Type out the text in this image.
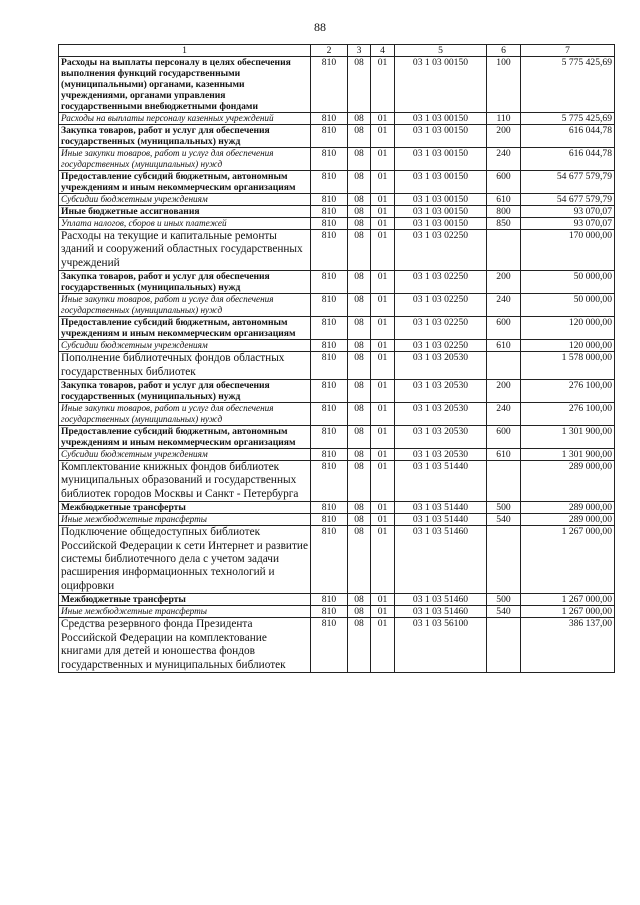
88
1	2	3	4	5	6	7
Расходы на выплаты персоналу в целях обеспечения выполнения функций государственными (муниципальными) органами, казенными учреждениями, органами управления государственными внебюджетными фондами	810	08	01	03 1 03 00150	100	5 775 425,69
Расходы на выплаты персоналу казенных учреждений	810	08	01	03 1 03 00150	110	5 775 425,69
Закупка товаров, работ и услуг для обеспечения государственных (муниципальных) нужд	810	08	01	03 1 03 00150	200	616 044,78
Иные закупки товаров, работ и услуг для обеспечения государственных (муниципальных) нужд	810	08	01	03 1 03 00150	240	616 044,78
Предоставление субсидий бюджетным, автономным учреждениям и иным некоммерческим организациям	810	08	01	03 1 03 00150	600	54 677 579,79
Субсидии бюджетным учреждениям	810	08	01	03 1 03 00150	610	54 677 579,79
Иные бюджетные ассигнования	810	08	01	03 1 03 00150	800	93 070,07
Уплата налогов, сборов и иных платежей	810	08	01	03 1 03 00150	850	93 070,07
Расходы на текущие и капитальные ремонты зданий и сооружений областных государственных учреждений	810	08	01	03 1 03 02250		170 000,00
Закупка товаров, работ и услуг для обеспечения государственных (муниципальных) нужд	810	08	01	03 1 03 02250	200	50 000,00
Иные закупки товаров, работ и услуг для обеспечения государственных (муниципальных) нужд	810	08	01	03 1 03 02250	240	50 000,00
Предоставление субсидий бюджетным, автономным учреждениям и иным некоммерческим организациям	810	08	01	03 1 03 02250	600	120 000,00
Субсидии бюджетным учреждениям	810	08	01	03 1 03 02250	610	120 000,00
Пополнение библиотечных фондов областных государственных библиотек	810	08	01	03 1 03 20530		1 578 000,00
Закупка товаров, работ и услуг для обеспечения государственных (муниципальных) нужд	810	08	01	03 1 03 20530	200	276 100,00
Иные закупки товаров, работ и услуг для обеспечения государственных (муниципальных) нужд	810	08	01	03 1 03 20530	240	276 100,00
Предоставление субсидий бюджетным, автономным учреждениям и иным некоммерческим организациям	810	08	01	03 1 03 20530	600	1 301 900,00
Субсидии бюджетным учреждениям	810	08	01	03 1 03 20530	610	1 301 900,00
Комплектование книжных фондов библиотек муниципальных образований и государственных библиотек городов Москвы и Санкт - Петербурга	810	08	01	03 1 03 51440		289 000,00
Межбюджетные трансферты	810	08	01	03 1 03 51440	500	289 000,00
Иные межбюджетные трансферты	810	08	01	03 1 03 51440	540	289 000,00
Подключение общедоступных библиотек Российской Федерации к сети Интернет и развитие системы библиотечного дела с учетом задачи расширения информационных технологий и оцифровки	810	08	01	03 1 03 51460		1 267 000,00
Межбюджетные трансферты	810	08	01	03 1 03 51460	500	1 267 000,00
Иные межбюджетные трансферты	810	08	01	03 1 03 51460	540	1 267 000,00
Средства резервного фонда Президента Российской Федерации на комплектование книгами для детей и юношества фондов государственных и муниципальных библиотек	810	08	01	03 1 03 56100		386 137,00
